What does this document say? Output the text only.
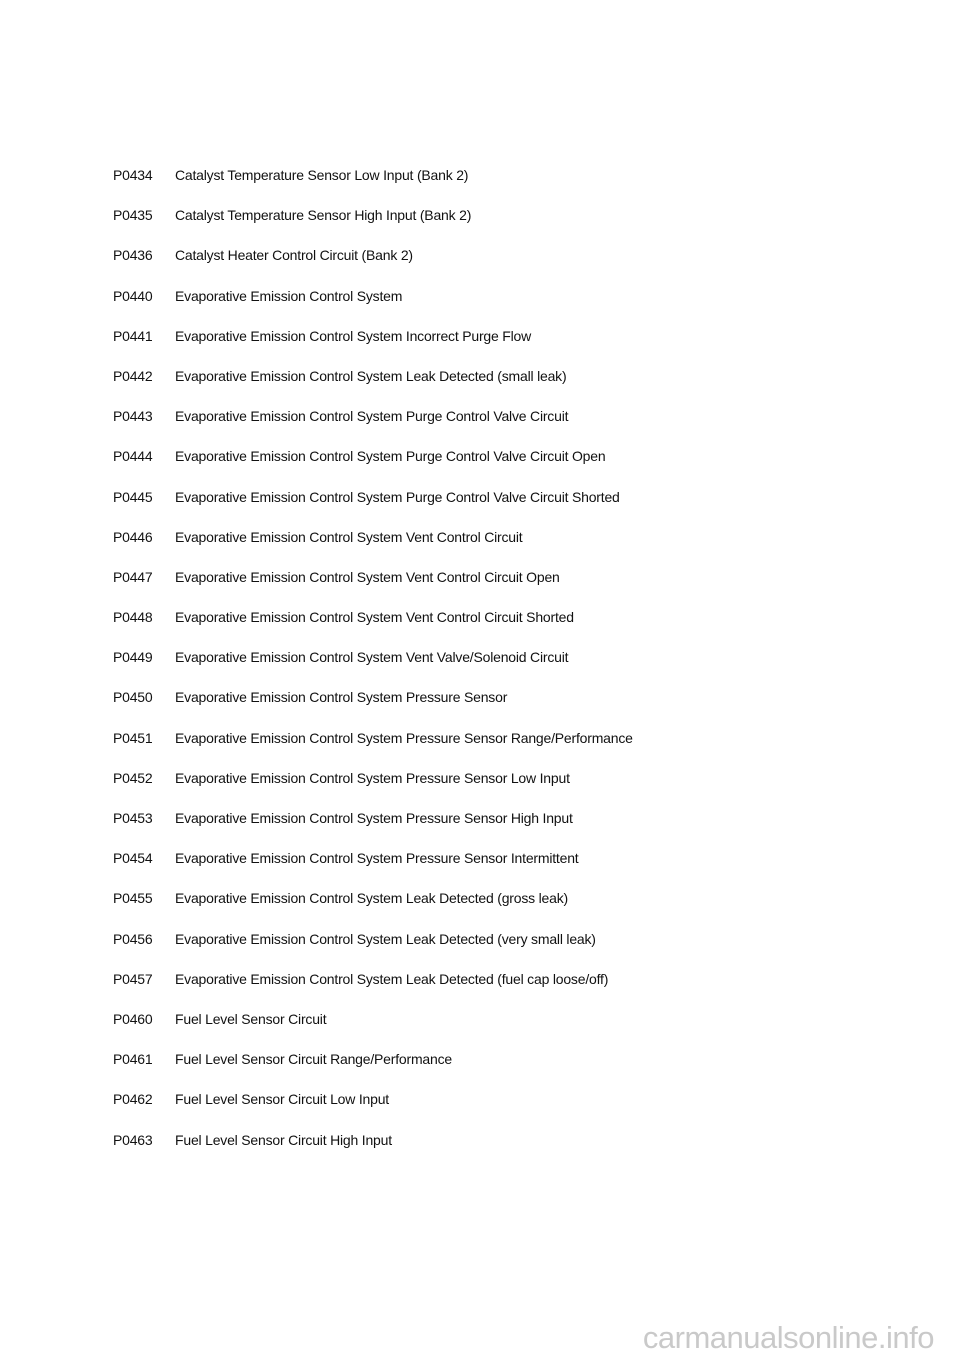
P0434	Catalyst Temperature Sensor Low Input (Bank 2)
P0435	Catalyst Temperature Sensor High Input (Bank 2)
P0436	Catalyst Heater Control Circuit (Bank 2)
P0440	Evaporative Emission Control System
P0441	Evaporative Emission Control System Incorrect Purge Flow
P0442	Evaporative Emission Control System Leak Detected (small leak)
P0443	Evaporative Emission Control System Purge Control Valve Circuit
P0444	Evaporative Emission Control System Purge Control Valve Circuit Open
P0445	Evaporative Emission Control System Purge Control Valve Circuit Shorted
P0446	Evaporative Emission Control System Vent Control Circuit
P0447	Evaporative Emission Control System Vent Control Circuit Open
P0448	Evaporative Emission Control System Vent Control Circuit Shorted
P0449	Evaporative Emission Control System Vent Valve/Solenoid Circuit
P0450	Evaporative Emission Control System Pressure Sensor
P0451	Evaporative Emission Control System Pressure Sensor Range/Performance
P0452	Evaporative Emission Control System Pressure Sensor Low Input
P0453	Evaporative Emission Control System Pressure Sensor High Input
P0454	Evaporative Emission Control System Pressure Sensor Intermittent
P0455	Evaporative Emission Control System Leak Detected (gross leak)
P0456	Evaporative Emission Control System Leak Detected (very small leak)
P0457	Evaporative Emission Control System Leak Detected (fuel cap loose/off)
P0460	Fuel Level Sensor Circuit
P0461	Fuel Level Sensor Circuit Range/Performance
P0462	Fuel Level Sensor Circuit Low Input
P0463	Fuel Level Sensor Circuit High Input
carmanualsonline.info
